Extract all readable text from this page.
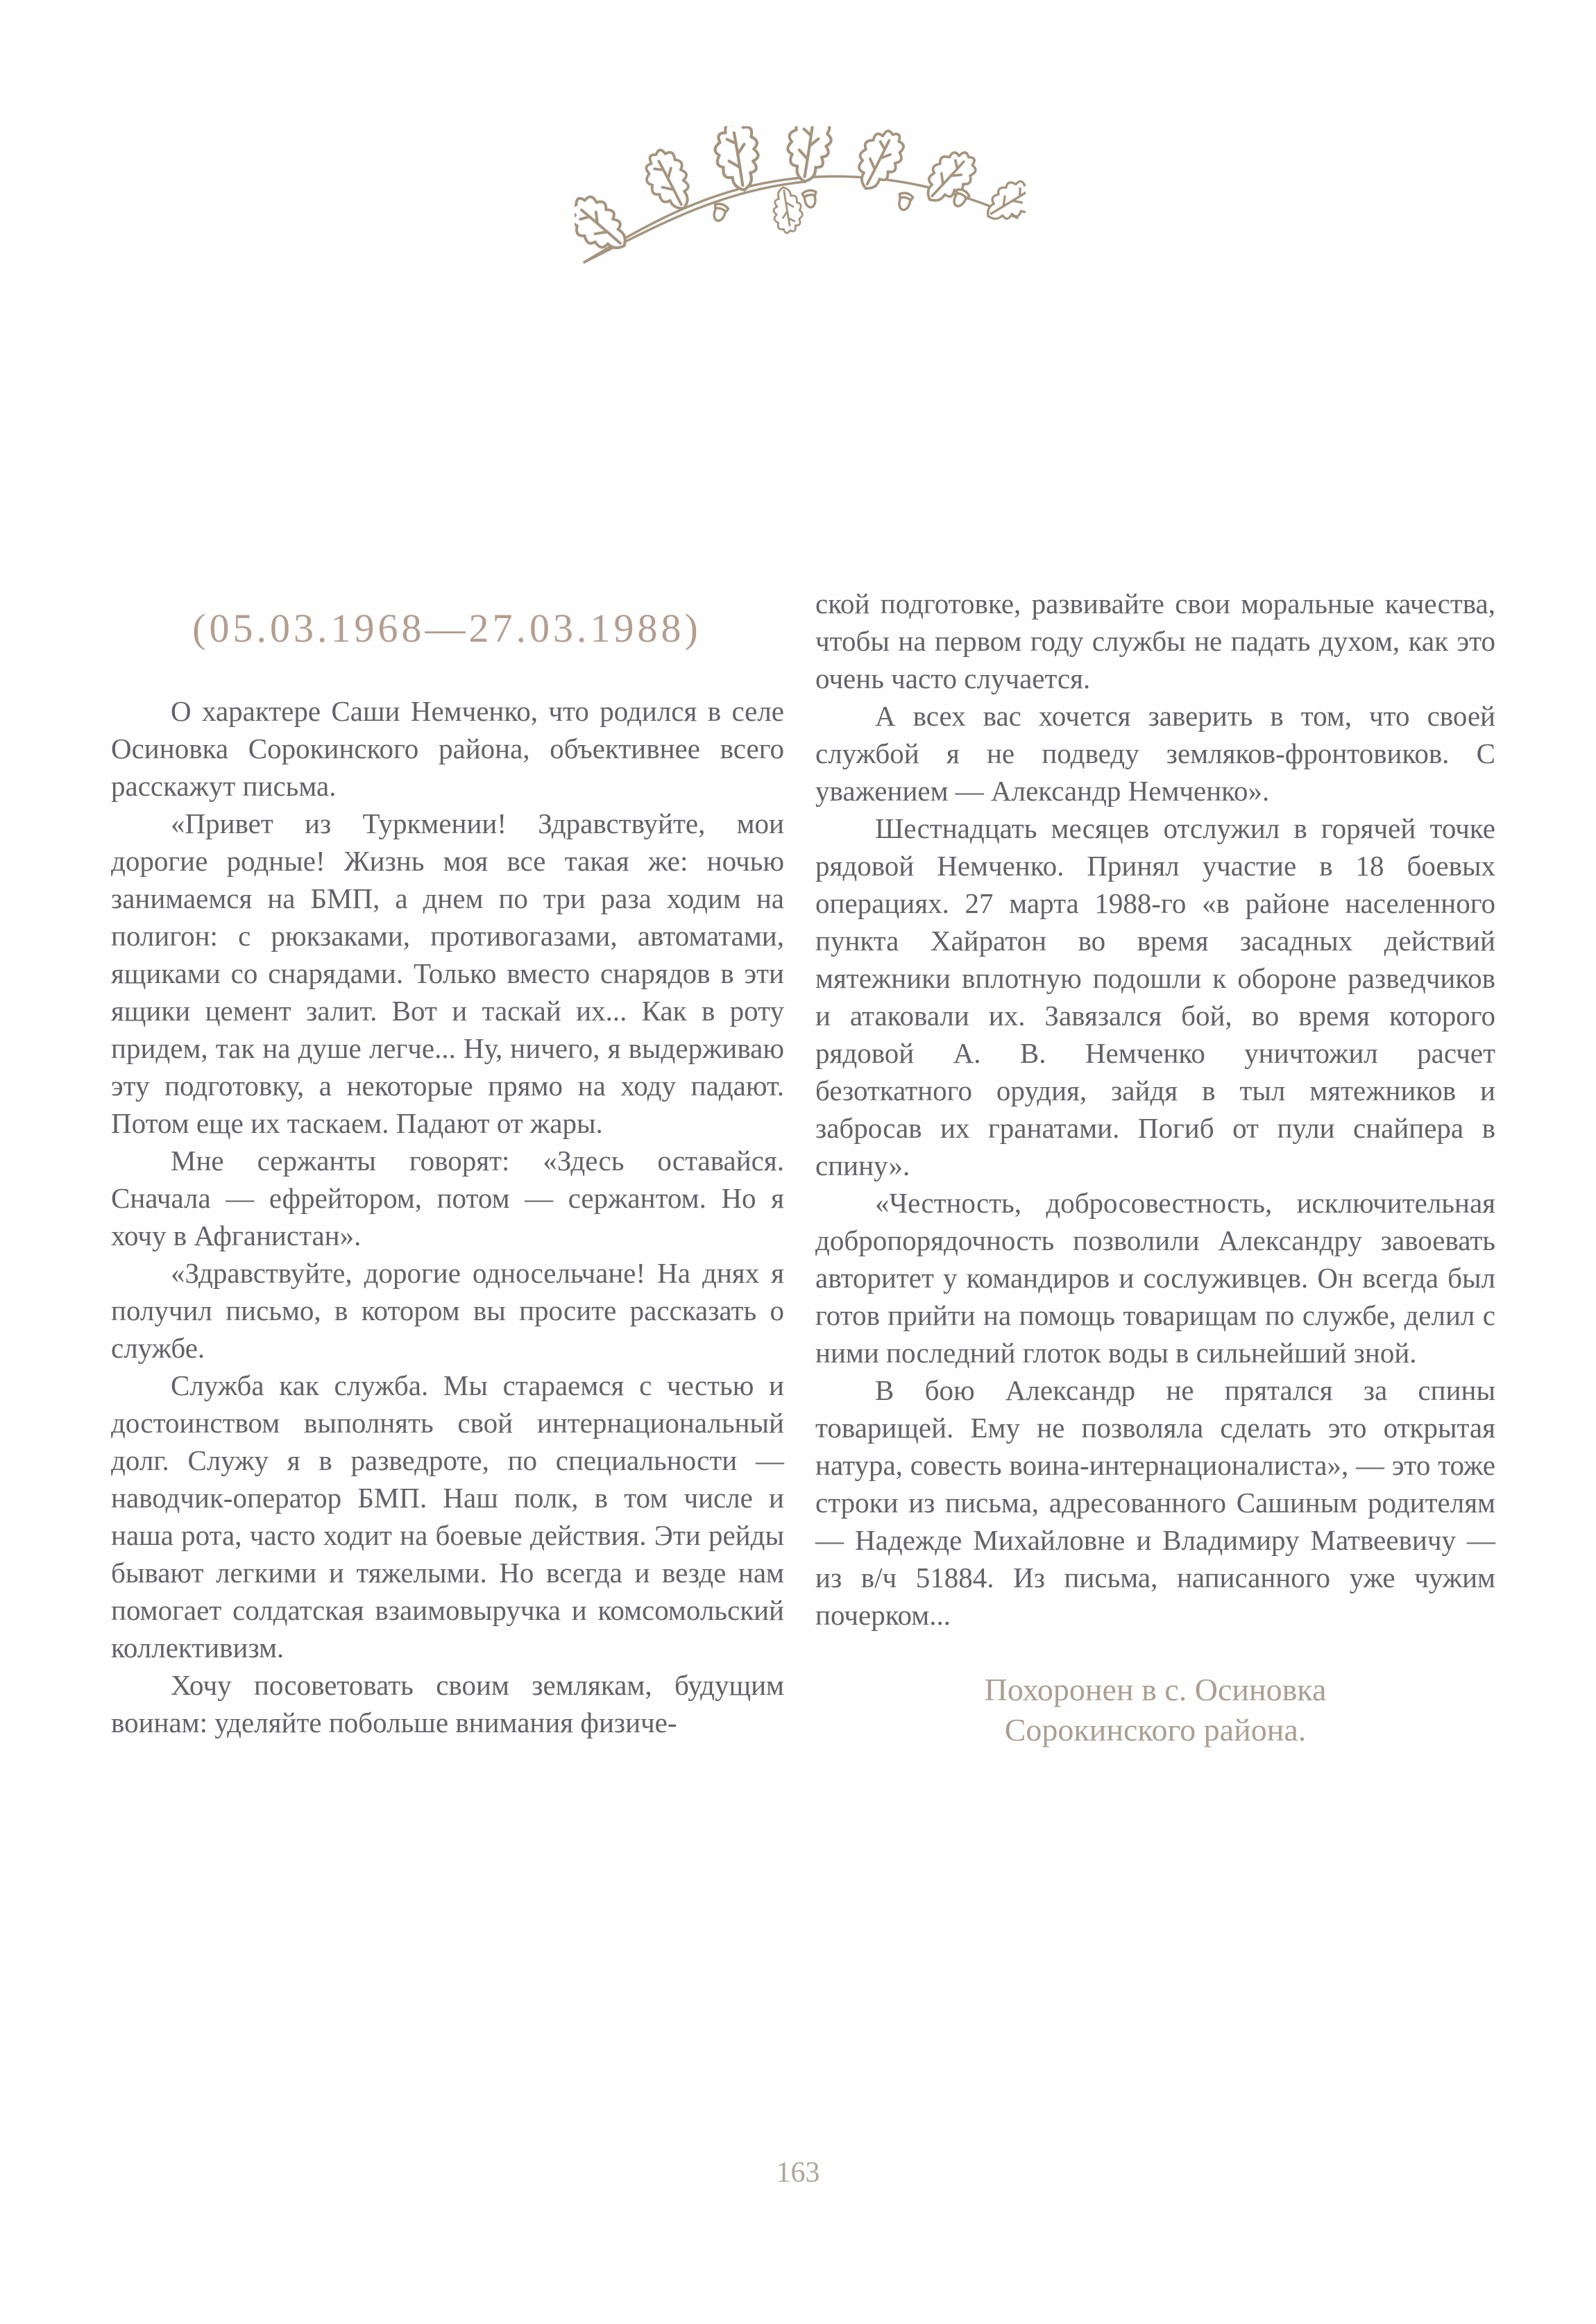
(05.03.1968—27.03.1988)

О характере Саши Немченко, что родился в селе Осиновка Сорокинского района, объективнее всего расскажут письма.

«Привет из Туркмении! Здравствуйте, мои дорогие родные! Жизнь моя все такая же: ночью занимаемся на БМП, а днем по три раза ходим на полигон: с рюкзаками, противогазами, автоматами, ящиками со снарядами. Только вместо снарядов в эти ящики цемент залит. Вот и таскай их... Как в роту придем, так на душе легче... Ну, ничего, я выдерживаю эту подготовку, а некоторые прямо на ходу падают. Потом еще их таскаем. Падают от жары.

Мне сержанты говорят: «Здесь оставайся. Сначала — ефрейтором, потом — сержантом. Но я хочу в Афганистан».

«Здравствуйте, дорогие односельчане! На днях я получил письмо, в котором вы просите рассказать о службе.

Служба как служба. Мы стараемся с честью и достоинством выполнять свой интернациональный долг. Служу я в разведроте, по специальности — наводчик-оператор БМП. Наш полк, в том числе и наша рота, часто ходит на боевые действия. Эти рейды бывают легкими и тяжелыми. Но всегда и везде нам помогает солдатская взаимовыручка и комсомольский коллективизм.

Хочу посоветовать своим землякам, будущим воинам: уделяйте побольше внимания физиче-

ской подготовке, развивайте свои моральные качества, чтобы на первом году службы не падать духом, как это очень часто случается.

А всех вас хочется заверить в том, что своей службой я не подведу земляков-фронтовиков. С уважением — Александр Немченко».

Шестнадцать месяцев отслужил в горячей точке рядовой Немченко. Принял участие в 18 боевых операциях. 27 марта 1988-го «в районе населенного пункта Хайратон во время засадных действий мятежники вплотную подошли к обороне разведчиков и атаковали их. Завязался бой, во время которого рядовой А. В. Немченко уничтожил расчет безоткатного орудия, зайдя в тыл мятежников и забросав их гранатами. Погиб от пули снайпера в спину».

«Честность, добросовестность, исключительная добропорядочность позволили Александру завоевать авторитет у командиров и сослуживцев. Он всегда был готов прийти на помощь товарищам по службе, делил с ними последний глоток воды в сильнейший зной.

В бою Александр не прятался за спины товарищей. Ему не позволяла сделать это открытая натура, совесть воина-интернационалиста», — это тоже строки из письма, адресованного Сашиным родителям — Надежде Михайловне и Владимиру Матвеевичу — из в/ч 51884. Из письма, написанного уже чужим почерком...

Похоронен в с. Осиновка
Сорокинского района.
163
